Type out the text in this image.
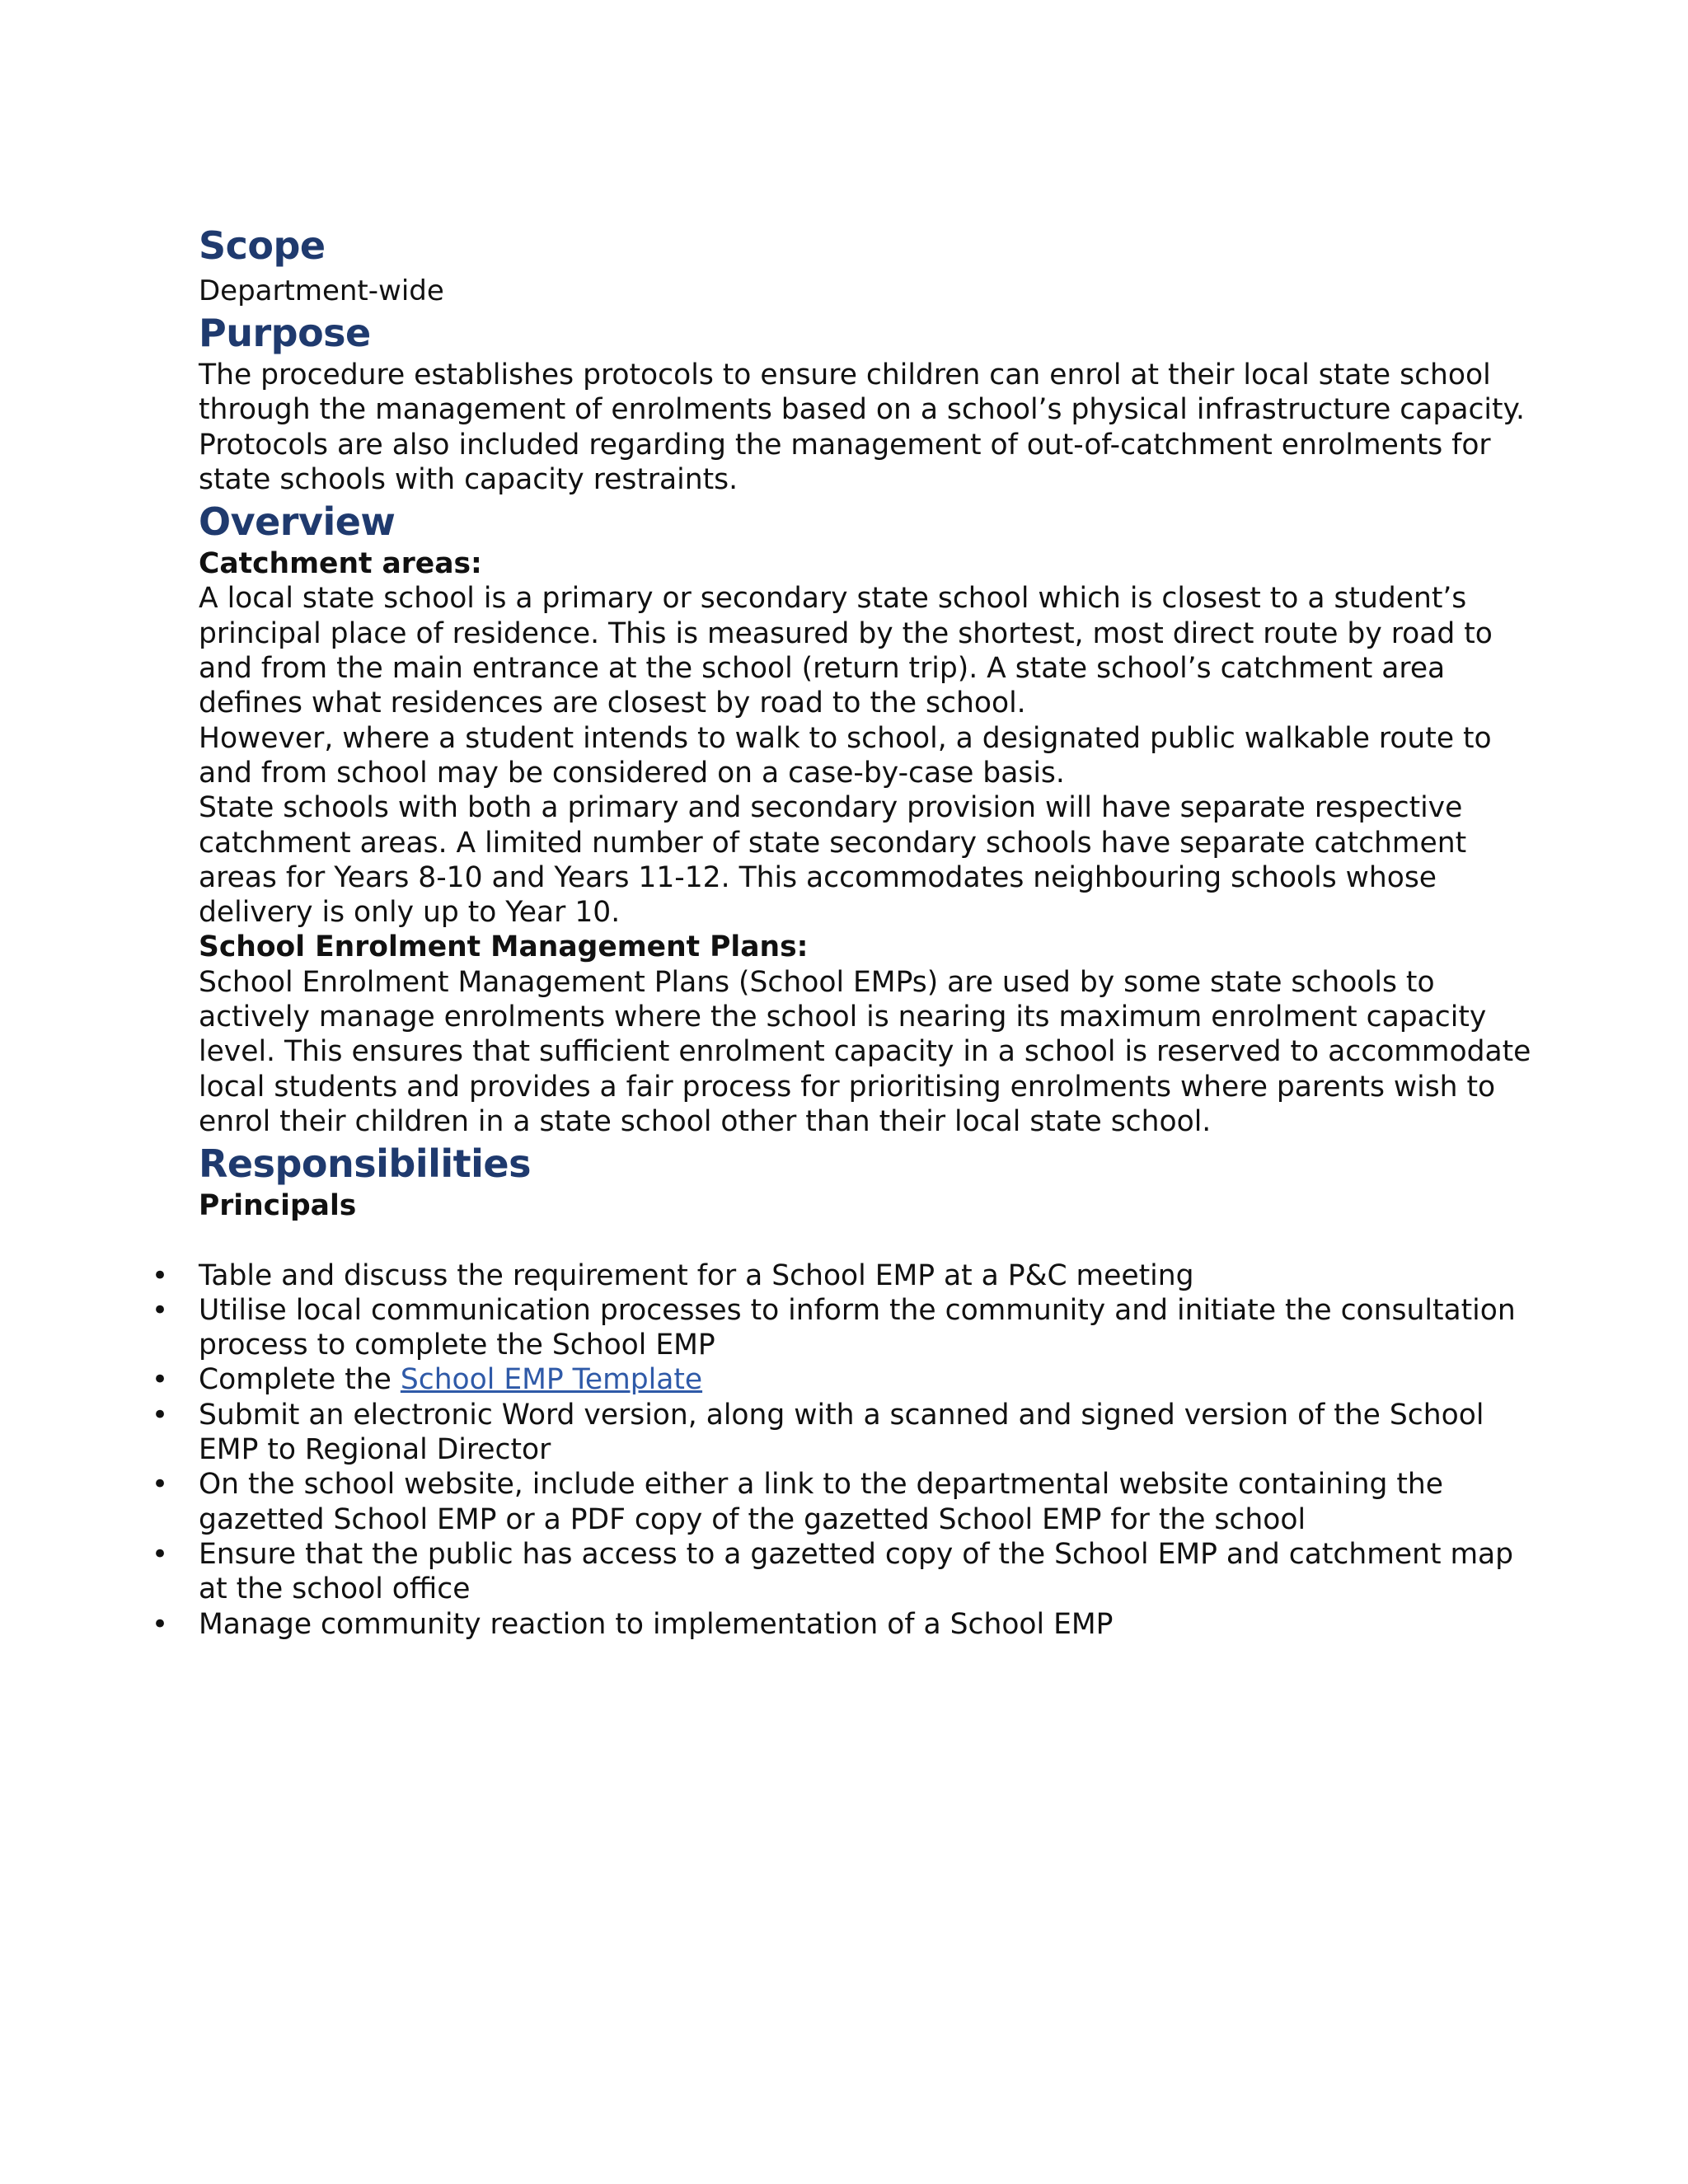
Scope

Department-wide

Purpose

The procedure establishes protocols to ensure children can enrol at their local state school through the management of enrolments based on a school’s physical infrastructure capacity.

Protocols are also included regarding the management of out-of-catchment enrolments for state schools with capacity restraints.

Overview

Catchment areas:

A local state school is a primary or secondary state school which is closest to a student’s principal place of residence. This is measured by the shortest, most direct route by road to and from the main entrance at the school (return trip). A state school’s catchment area defines what residences are closest by road to the school.

However, where a student intends to walk to school, a designated public walkable route to and from school may be considered on a case-by-case basis.

State schools with both a primary and secondary provision will have separate respective catchment areas. A limited number of state secondary schools have separate catchment areas for Years 8-10 and Years 11-12. This accommodates neighbouring schools whose delivery is only up to Year 10.

School Enrolment Management Plans:

School Enrolment Management Plans (School EMPs) are used by some state schools to actively manage enrolments where the school is nearing its maximum enrolment capacity level. This ensures that sufficient enrolment capacity in a school is reserved to accommodate local students and provides a fair process for prioritising enrolments where parents wish to enrol their children in a state school other than their local state school.

Responsibilities

Principals

• Table and discuss the requirement for a School EMP at a P&C meeting
• Utilise local communication processes to inform the community and initiate the consultation process to complete the School EMP
• Complete the School EMP Template
• Submit an electronic Word version, along with a scanned and signed version of the School EMP to Regional Director
• On the school website, include either a link to the departmental website containing the gazetted School EMP or a PDF copy of the gazetted School EMP for the school
• Ensure that the public has access to a gazetted copy of the School EMP and catchment map at the school office
• Manage community reaction to implementation of a School EMP
